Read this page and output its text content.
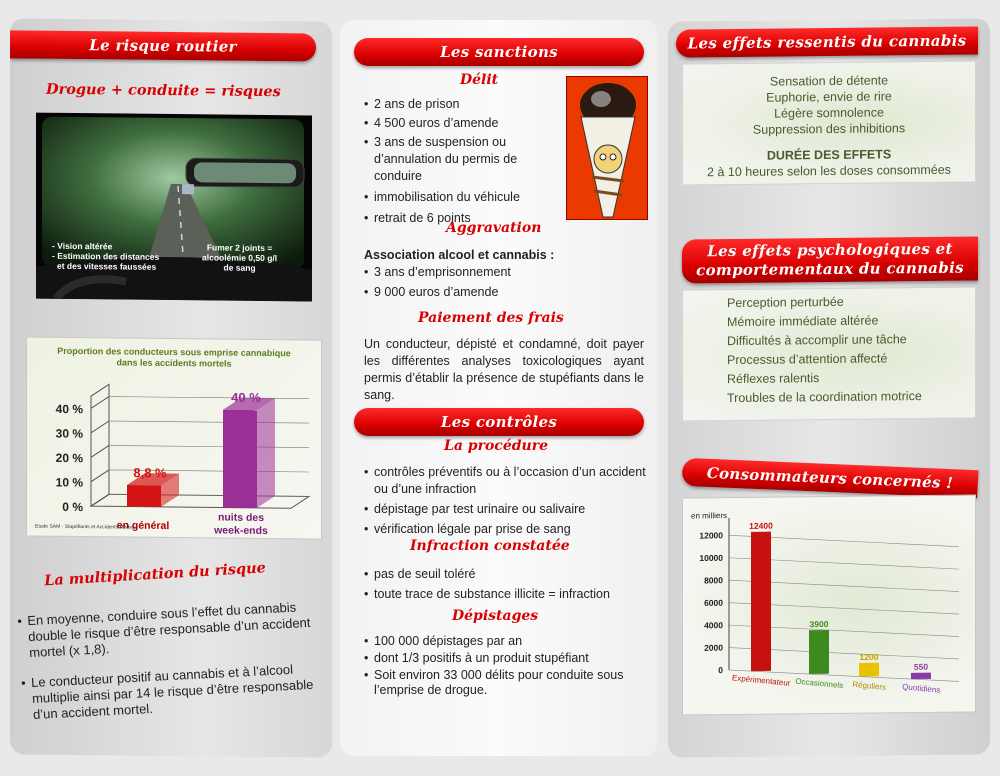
Le risque routier
Drogue + conduite = risques
- Vision altérée
- Estimation des distances
et des vitesses faussées
Fumer 2 joints =
alcoolémie 0,50 g/l
de sang
Proportion des conducteurs sous emprise cannabique
dans les accidents mortels
0 %
10 %
20 %
30 %
40 %
8,8 %
40 %
en général
nuits des
week-ends
Etude SAM - Stupéfiants et Accidents Mortels
La multiplication du risque
• En moyenne, conduire sous l’effet du cannabis double le risque d’être responsable d’un accident mortel (x 1,8).
• Le conducteur positif au cannabis et à l’alcool multiplie ainsi par 14 le risque d’être responsable d’un accident mortel.
Les sanctions
Délit
• 2 ans de prison
• 4 500 euros d’amende
• 3 ans de suspension ou d’annulation du permis de conduire
• immobilisation du véhicule
• retrait de 6 points
Aggravation
Association alcool et cannabis :
• 3 ans d’emprisonnement
• 9 000 euros d’amende
Paiement des frais
Un conducteur, dépisté et condamné, doit payer les différentes analyses toxicologiques ayant permis d’établir la présence de stupéfiants dans le sang.
Les contrôles
La procédure
• contrôles préventifs ou à l’occasion d’un accident ou d’une infraction
• dépistage par test urinaire ou salivaire
• vérification légale par prise de sang
Infraction constatée
• pas de seuil toléré
• toute trace de substance illicite = infraction
Dépistages
• 100 000 dépistages par an
• dont 1/3 positifs à un produit stupéfiant
• Soit environ 33 000 délits pour conduite sous l’emprise de drogue.
Les effets ressentis du cannabis
Sensation de détente
Euphorie, envie de rire
Légère somnolence
Suppression des inhibitions
DURÉE DES EFFETS
2 à 10 heures selon les doses consommées
Les effets psychologiques et
comportementaux du cannabis
Perception perturbée
Mémoire immédiate altérée
Difficultés à accomplir une tâche
Processus d’attention affecté
Réflexes ralentis
Troubles de la coordination motrice
Consommateurs concernés !
en milliers
0
2000
4000
6000
8000
10000
12000
12400
Expérimentateur
3900
Occasionnels
1200
Réguliers
550
Quotidiens
